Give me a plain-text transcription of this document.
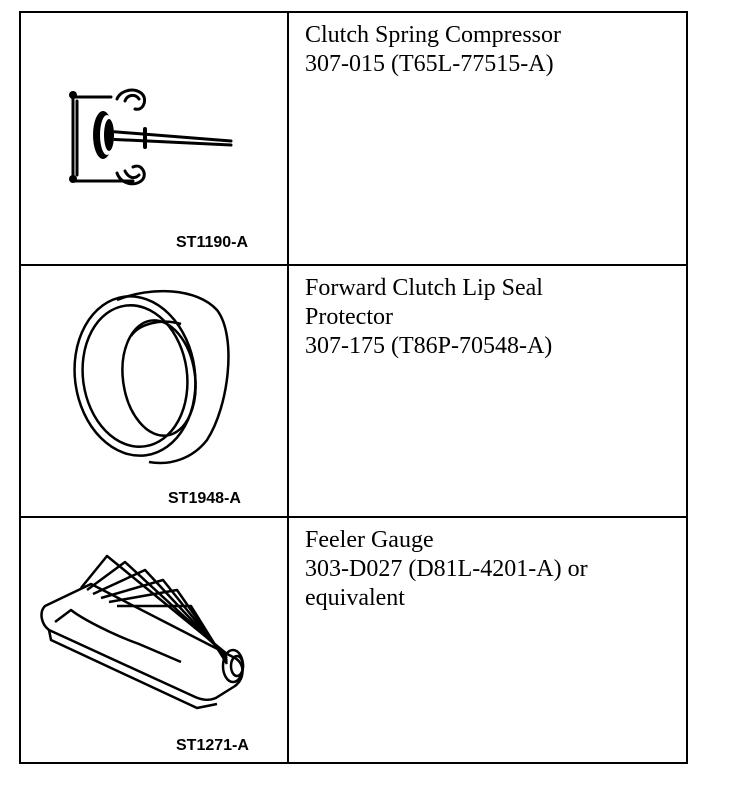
ST1190-A

Clutch Spring Compressor
307-015 (T65L-77515-A)

ST1948-A

Forward Clutch Lip Seal
Protector
307-175 (T86P-70548-A)

ST1271-A

Feeler Gauge
303-D027 (D81L-4201-A) or
equivalent
